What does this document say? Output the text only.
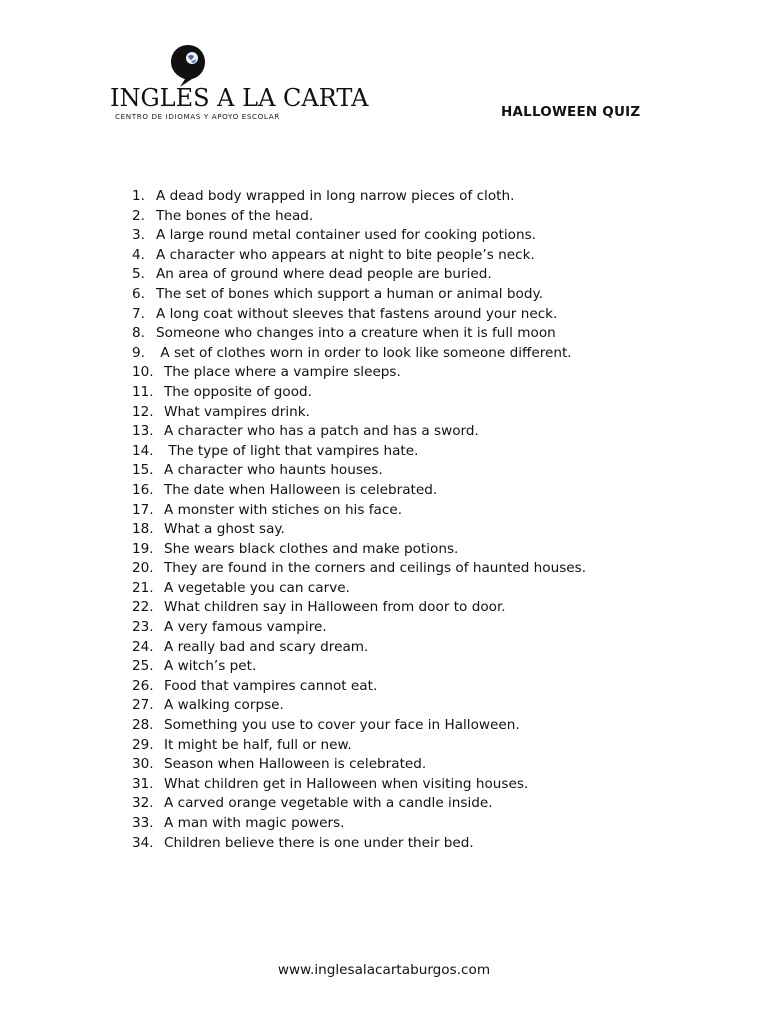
INGLES A LA CARTA
CENTRO DE IDIOMAS Y APOYO ESCOLAR	HALLOWEEN QUIZ
1. A dead body wrapped in long narrow pieces of cloth.
2. The bones of the head.
3. A large round metal container used for cooking potions.
4. A character who appears at night to bite people’s neck.
5. An area of ground where dead people are buried.
6. The set of bones which support a human or animal body.
7. A long coat without sleeves that fastens around your neck.
8. Someone who changes into a creature when it is full moon
9. A set of clothes worn in order to look like someone different.
10. The place where a vampire sleeps.
11. The opposite of good.
12. What vampires drink.
13. A character who has a patch and has a sword.
14. The type of light that vampires hate.
15. A character who haunts houses.
16. The date when Halloween is celebrated.
17. A monster with stiches on his face.
18. What a ghost say.
19. She wears black clothes and make potions.
20. They are found in the corners and ceilings of haunted houses.
21. A vegetable you can carve.
22. What children say in Halloween from door to door.
23. A very famous vampire.
24. A really bad and scary dream.
25. A witch’s pet.
26. Food that vampires cannot eat.
27. A walking corpse.
28. Something you use to cover your face in Halloween.
29. It might be half, full or new.
30. Season when Halloween is celebrated.
31. What children get in Halloween when visiting houses.
32. A carved orange vegetable with a candle inside.
33. A man with magic powers.
34. Children believe there is one under their bed.
www.inglesalacartaburgos.com
